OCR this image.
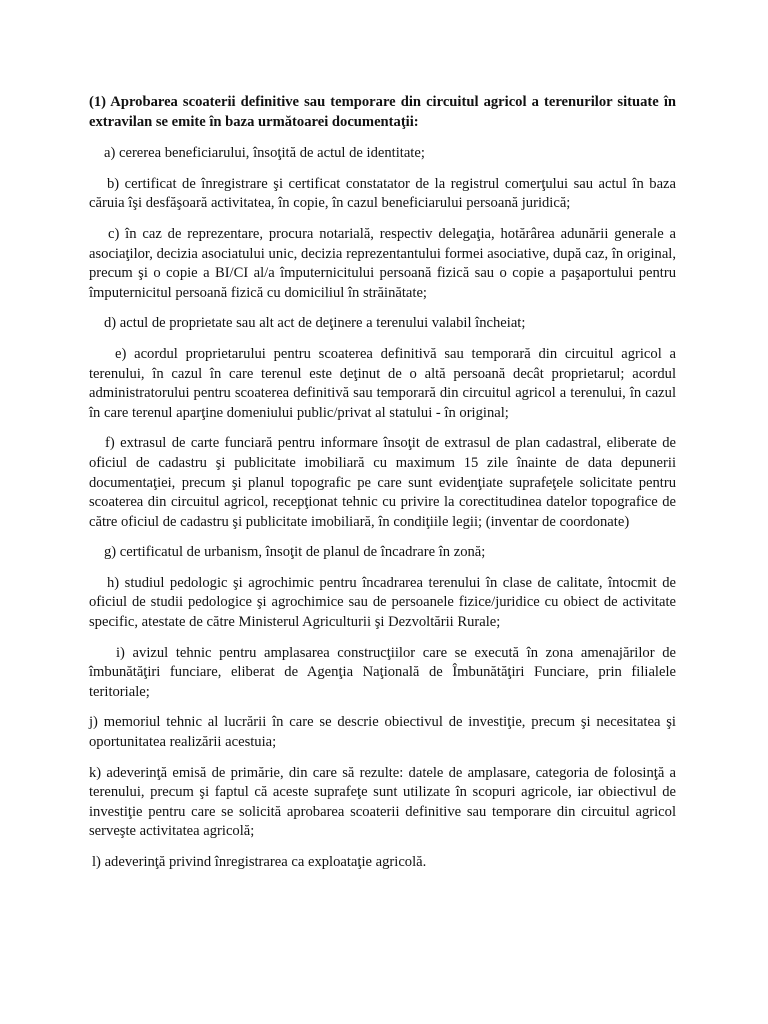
(1) Aprobarea scoaterii definitive sau temporare din circuitul agricol a terenurilor situate în extravilan se emite în baza următoarei documentaţii:

a) cererea beneficiarului, însoţită de actul de identitate;

b) certificat de înregistrare şi certificat constatator de la registrul comerţului sau actul în baza căruia îşi desfăşoară activitatea, în copie, în cazul beneficiarului persoană juridică;

c) în caz de reprezentare, procura notarială, respectiv delegaţia, hotărârea adunării generale a asociaţilor, decizia asociatului unic, decizia reprezentantului formei asociative, după caz, în original, precum şi o copie a BI/CI al/a împuternicitului persoană fizică sau o copie a paşaportului pentru împuternicitul persoană fizică cu domiciliul în străinătate;

d) actul de proprietate sau alt act de deţinere a terenului valabil încheiat;

e) acordul proprietarului pentru scoaterea definitivă sau temporară din circuitul agricol a terenului, în cazul în care terenul este deţinut de o altă persoană decât proprietarul; acordul administratorului pentru scoaterea definitivă sau temporară din circuitul agricol a terenului, în cazul în care terenul aparţine domeniului public/privat al statului - în original;

f) extrasul de carte funciară pentru informare însoţit de extrasul de plan cadastral, eliberate de oficiul de cadastru şi publicitate imobiliară cu maximum 15 zile înainte de data depunerii documentaţiei, precum şi planul topografic pe care sunt evidenţiate suprafeţele solicitate pentru scoaterea din circuitul agricol, recepţionat tehnic cu privire la corectitudinea datelor topografice de către oficiul de cadastru şi publicitate imobiliară, în condiţiile legii; (inventar de coordonate)

g) certificatul de urbanism, însoţit de planul de încadrare în zonă;

h) studiul pedologic şi agrochimic pentru încadrarea terenului în clase de calitate, întocmit de oficiul de studii pedologice şi agrochimice sau de persoanele fizice/juridice cu obiect de activitate specific, atestate de către Ministerul Agriculturii şi Dezvoltării Rurale;

i) avizul tehnic pentru amplasarea construcţiilor care se execută în zona amenajărilor de îmbunătăţiri funciare, eliberat de Agenţia Naţională de Îmbunătăţiri Funciare, prin filialele teritoriale;

j) memoriul tehnic al lucrării în care se descrie obiectivul de investiţie, precum şi necesitatea şi oportunitatea realizării acestuia;

k) adeverinţă emisă de primărie, din care să rezulte: datele de amplasare, categoria de folosinţă a terenului, precum şi faptul că aceste suprafeţe sunt utilizate în scopuri agricole, iar obiectivul de investiţie pentru care se solicită aprobarea scoaterii definitive sau temporare din circuitul agricol serveşte activitatea agricolă;

l) adeverinţă privind înregistrarea ca exploataţie agricolă.
